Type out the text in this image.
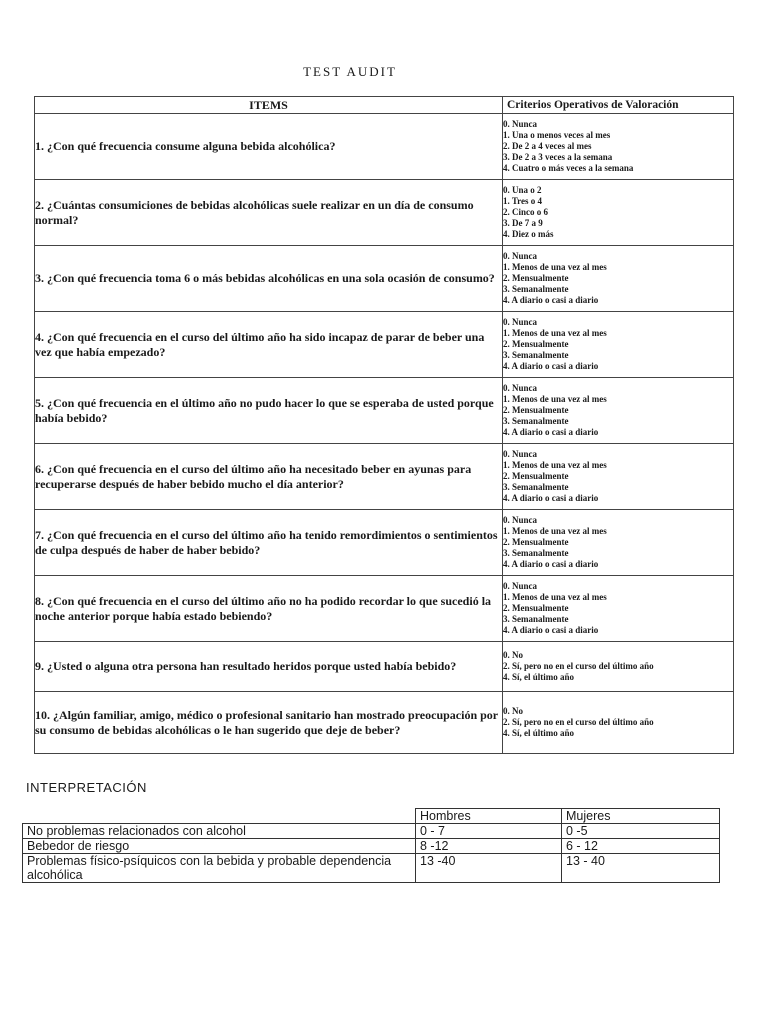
TEST AUDIT
ITEMS	Criterios Operativos de Valoración
1. ¿Con qué frecuencia consume alguna bebida alcohólica?	0. Nunca
1. Una o menos veces al mes
2. De 2 a 4 veces al mes
3. De 2 a 3 veces a la semana
4. Cuatro o más veces a la semana

2. ¿Cuántas consumiciones de bebidas alcohólicas suele realizar en un día de consumo normal?	0. Una o 2
1. Tres o 4
2. Cinco o 6
3. De 7 a 9
4. Diez o más

3. ¿Con qué frecuencia toma 6 o más bebidas alcohólicas en una sola ocasión de consumo?	0. Nunca
1. Menos de una vez al mes
2. Mensualmente
3. Semanalmente
4. A diario o casi a diario

4. ¿Con qué frecuencia en el curso del último año ha sido incapaz de parar de beber una vez que había empezado?	0. Nunca
1. Menos de una vez al mes
2. Mensualmente
3. Semanalmente
4. A diario o casi a diario

5. ¿Con qué frecuencia en el último año no pudo hacer lo que se esperaba de usted porque había bebido?	0. Nunca
1. Menos de una vez al mes
2. Mensualmente
3. Semanalmente
4. A diario o casi a diario

6. ¿Con qué frecuencia en el curso del último año ha necesitado beber en ayunas para recuperarse después de haber bebido mucho el día anterior?	0. Nunca
1. Menos de una vez al mes
2. Mensualmente
3. Semanalmente
4. A diario o casi a diario

7. ¿Con qué frecuencia en el curso del último año ha tenido remordimientos o sentimientos de culpa después de haber de haber bebido?	0. Nunca
1. Menos de una vez al mes
2. Mensualmente
3. Semanalmente
4. A diario o casi a diario

8. ¿Con qué frecuencia en el curso del último año no ha podido recordar lo que sucedió la noche anterior porque había estado bebiendo?	0. Nunca
1. Menos de una vez al mes
2. Mensualmente
3. Semanalmente
4. A diario o casi a diario

9. ¿Usted o alguna otra persona han resultado heridos porque usted había bebido?	0. No
2. Sí, pero no en el curso del último año
4. Sí, el último año

10. ¿Algún familiar, amigo, médico o profesional sanitario han mostrado preocupación por su consumo de bebidas alcohólicas o le han sugerido que deje de beber?	0. No
2. Sí, pero no en el curso del último año
4. Sí, el último año
INTERPRETACIÓN
	Hombres	Mujeres
No problemas relacionados con alcohol	0 - 7	0 -5
Bebedor de riesgo	8 -12	6 - 12
Problemas físico-psíquicos con la bebida y probable dependencia alcohólica	13 -40	13 - 40
